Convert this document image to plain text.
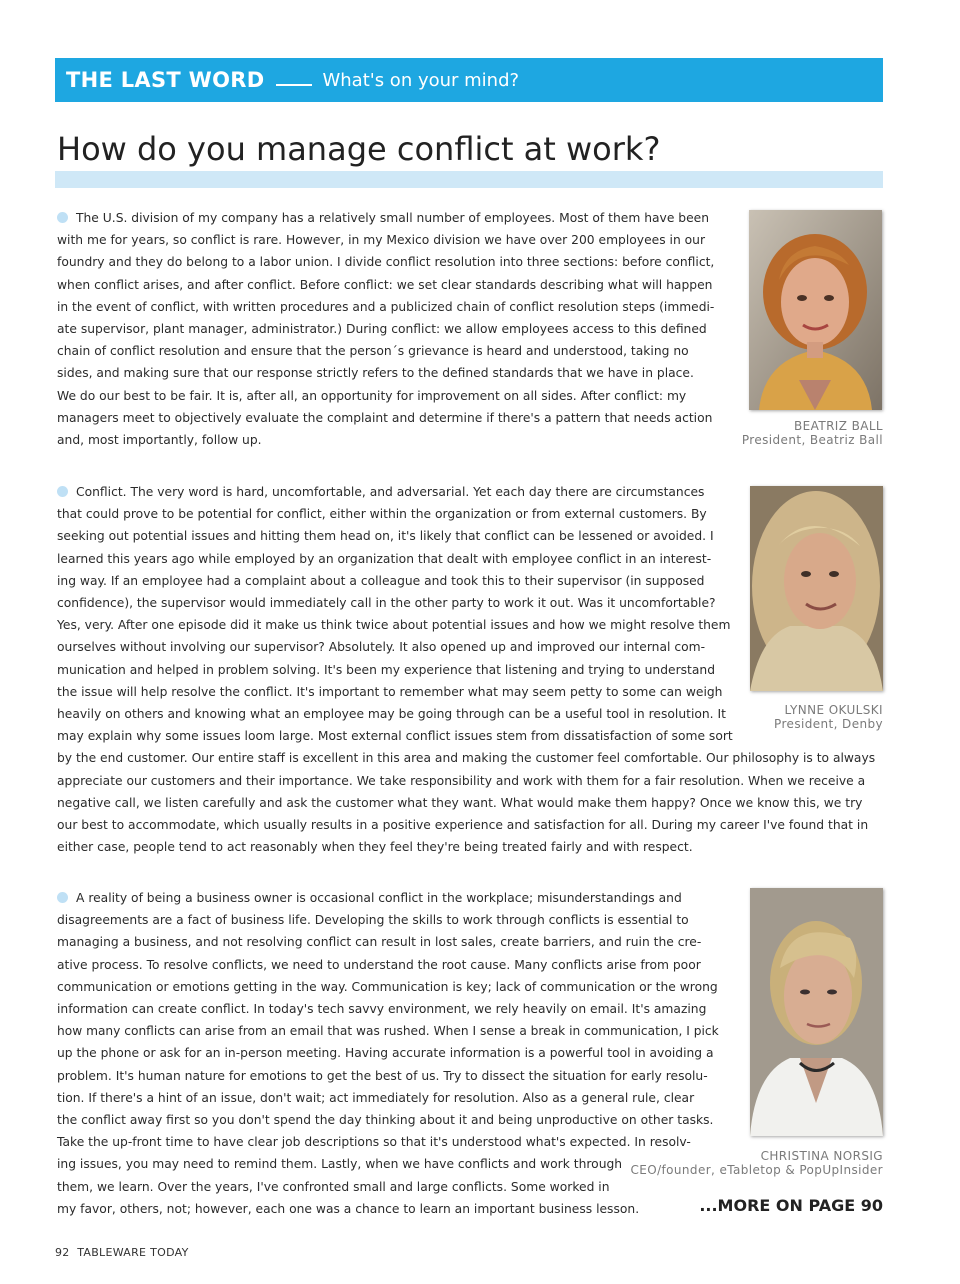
THE LAST WORD	What's on your mind?
How do you manage conflict at work?
The U.S. division of my company has a relatively small number of employees. Most of them have been
with me for years, so conflict is rare. However, in my Mexico division we have over 200 employees in our
foundry and they do belong to a labor union. I divide conflict resolution into three sections: before conflict,
when conflict arises, and after conflict. Before conflict: we set clear standards describing what will happen
in the event of conflict, with written procedures and a publicized chain of conflict resolution steps (immedi-
ate supervisor, plant manager, administrator.) During conflict: we allow employees access to this defined
chain of conflict resolution and ensure that the person´s grievance is heard and understood, taking no
sides, and making sure that our response strictly refers to the defined standards that we have in place.
We do our best to be fair. It is, after all, an opportunity for improvement on all sides. After conflict: my
managers meet to objectively evaluate the complaint and determine if there's a pattern that needs action
and, most importantly, follow up.
BEATRIZ BALL
President, Beatriz Ball
Conflict. The very word is hard, uncomfortable, and adversarial. Yet each day there are circumstances
that could prove to be potential for conflict, either within the organization or from external customers. By
seeking out potential issues and hitting them head on, it's likely that conflict can be lessened or avoided. I
learned this years ago while employed by an organization that dealt with employee conflict in an interest-
ing way. If an employee had a complaint about a colleague and took this to their supervisor (in supposed
confidence), the supervisor would immediately call in the other party to work it out. Was it uncomfortable?
Yes, very. After one episode did it make us think twice about potential issues and how we might resolve them
ourselves without involving our supervisor? Absolutely. It also opened up and improved our internal com-
munication and helped in problem solving. It's been my experience that listening and trying to understand
the issue will help resolve the conflict. It's important to remember what may seem petty to some can weigh
heavily on others and knowing what an employee may be going through can be a useful tool in resolution. It
may explain why some issues loom large. Most external conflict issues stem from dissatisfaction of some sort
by the end customer. Our entire staff is excellent in this area and making the customer feel comfortable. Our philosophy is to always
appreciate our customers and their importance. We take responsibility and work with them for a fair resolution. When we receive a
negative call, we listen carefully and ask the customer what they want. What would make them happy? Once we know this, we try
our best to accommodate, which usually results in a positive experience and satisfaction for all. During my career I've found that in
either case, people tend to act reasonably when they feel they're being treated fairly and with respect.
LYNNE OKULSKI
President, Denby
A reality of being a business owner is occasional conflict in the workplace; misunderstandings and
disagreements are a fact of business life. Developing the skills to work through conflicts is essential to
managing a business, and not resolving conflict can result in lost sales, create barriers, and ruin the cre-
ative process. To resolve conflicts, we need to understand the root cause. Many conflicts arise from poor
communication or emotions getting in the way. Communication is key; lack of communication or the wrong
information can create conflict. In today's tech savvy environment, we rely heavily on email. It's amazing
how many conflicts can arise from an email that was rushed. When I sense a break in communication, I pick
up the phone or ask for an in-person meeting. Having accurate information is a powerful tool in avoiding a
problem. It's human nature for emotions to get the best of us. Try to dissect the situation for early resolu-
tion. If there's a hint of an issue, don't wait; act immediately for resolution. Also as a general rule, clear
the conflict away first so you don't spend the day thinking about it and being unproductive on other tasks.
Take the up-front time to have clear job descriptions so that it's understood what's expected. In resolv-
ing issues, you may need to remind them. Lastly, when we have conflicts and work through
them, we learn. Over the years, I've confronted small and large conflicts. Some worked in
my favor, others, not; however, each one was a chance to learn an important business lesson.
CHRISTINA NORSIG
CEO/founder, eTabletop & PopUpInsider
...MORE ON PAGE 90
92 TABLEWARE TODAY
